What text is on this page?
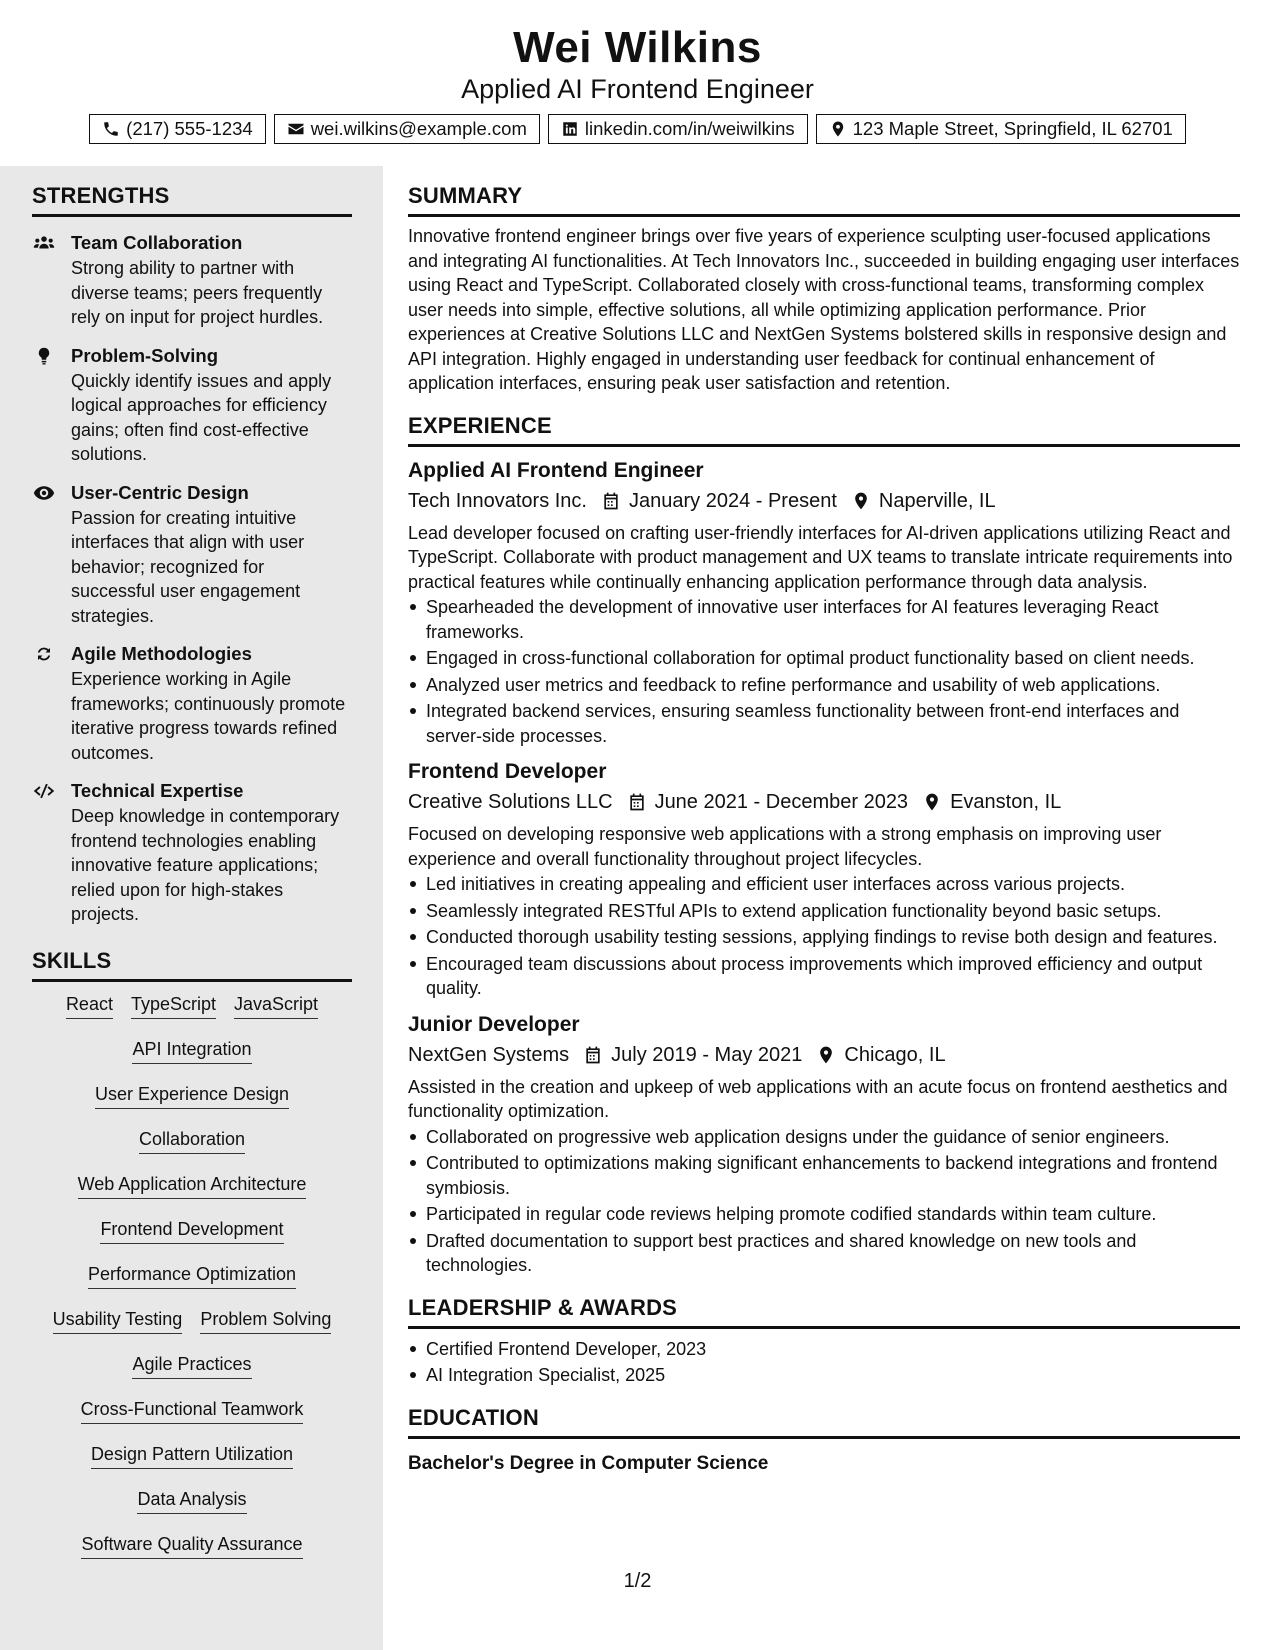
Wei Wilkins
Applied AI Frontend Engineer
(217) 555-1234	wei.wilkins@example.com	linkedin.com/in/weiwilkins	123 Maple Street, Springfield, IL 62701
STRENGTHS
Team Collaboration
Strong ability to partner with diverse teams; peers frequently rely on input for project hurdles.
Problem-Solving
Quickly identify issues and apply logical approaches for efficiency gains; often find cost-effective solutions.
User-Centric Design
Passion for creating intuitive interfaces that align with user behavior; recognized for successful user engagement strategies.
Agile Methodologies
Experience working in Agile frameworks; continuously promote iterative progress towards refined outcomes.
Technical Expertise
Deep knowledge in contemporary frontend technologies enabling innovative feature applications; relied upon for high-stakes projects.
SKILLS
React TypeScript JavaScript
API Integration
User Experience Design
Collaboration
Web Application Architecture
Frontend Development
Performance Optimization
Usability Testing Problem Solving
Agile Practices
Cross-Functional Teamwork
Design Pattern Utilization
Data Analysis
Software Quality Assurance
SUMMARY
Innovative frontend engineer brings over five years of experience sculpting user-focused applications and integrating AI functionalities. At Tech Innovators Inc., succeeded in building engaging user interfaces using React and TypeScript. Collaborated closely with cross-functional teams, transforming complex user needs into simple, effective solutions, all while optimizing application performance. Prior experiences at Creative Solutions LLC and NextGen Systems bolstered skills in responsive design and API integration. Highly engaged in understanding user feedback for continual enhancement of application interfaces, ensuring peak user satisfaction and retention.
EXPERIENCE
Applied AI Frontend Engineer
Tech Innovators Inc. January 2024 - Present Naperville, IL
Lead developer focused on crafting user-friendly interfaces for AI-driven applications utilizing React and TypeScript. Collaborate with product management and UX teams to translate intricate requirements into practical features while continually enhancing application performance through data analysis.
Spearheaded the development of innovative user interfaces for AI features leveraging React frameworks.
Engaged in cross-functional collaboration for optimal product functionality based on client needs.
Analyzed user metrics and feedback to refine performance and usability of web applications.
Integrated backend services, ensuring seamless functionality between front-end interfaces and server-side processes.
Frontend Developer
Creative Solutions LLC June 2021 - December 2023 Evanston, IL
Focused on developing responsive web applications with a strong emphasis on improving user experience and overall functionality throughout project lifecycles.
Led initiatives in creating appealing and efficient user interfaces across various projects.
Seamlessly integrated RESTful APIs to extend application functionality beyond basic setups.
Conducted thorough usability testing sessions, applying findings to revise both design and features.
Encouraged team discussions about process improvements which improved efficiency and output quality.
Junior Developer
NextGen Systems July 2019 - May 2021 Chicago, IL
Assisted in the creation and upkeep of web applications with an acute focus on frontend aesthetics and functionality optimization.
Collaborated on progressive web application designs under the guidance of senior engineers.
Contributed to optimizations making significant enhancements to backend integrations and frontend symbiosis.
Participated in regular code reviews helping promote codified standards within team culture.
Drafted documentation to support best practices and shared knowledge on new tools and technologies.
LEADERSHIP & AWARDS
Certified Frontend Developer, 2023
AI Integration Specialist, 2025
EDUCATION
Bachelor's Degree in Computer Science
1/2
